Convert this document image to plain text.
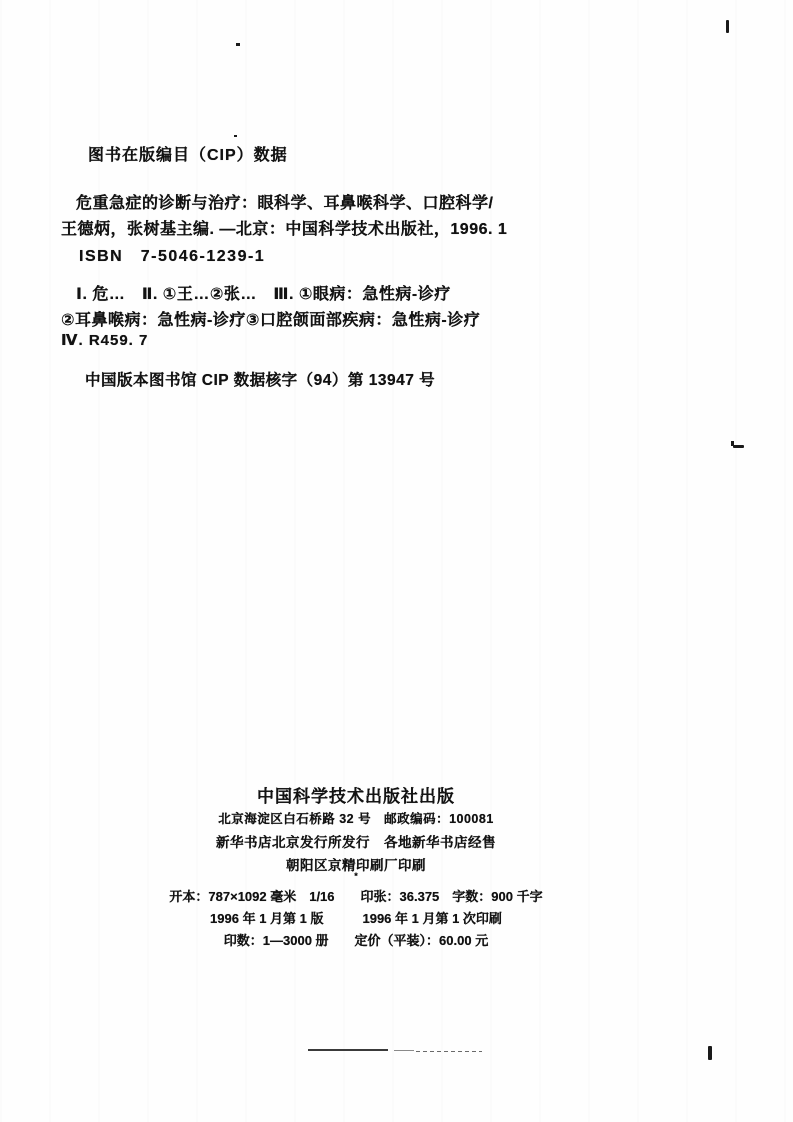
图书在版编目（CIP）数据
危重急症的诊断与治疗：眼科学、耳鼻喉科学、口腔科学/
王德炳，张树基主编. —北京：中国科学技术出版社，1996. 1
ISBN　7-5046-1239-1
Ⅰ. 危…　Ⅱ. ①王…②张…　Ⅲ. ①眼病：急性病-诊疗
②耳鼻喉病：急性病-诊疗③口腔颌面部疾病：急性病-诊疗
Ⅳ. R459. 7
中国版本图书馆 CIP 数据核字（94）第 13947 号
中国科学技术出版社出版
北京海淀区白石桥路 32 号　邮政编码：100081
新华书店北京发行所发行　各地新华书店经售
朝阳区京精印刷厂印刷
*
开本：787×1092 毫米　1/16　　印张：36.375　字数：900 千字
1996 年 1 月第 1 版　　　1996 年 1 月第 1 次印刷
印数：1—3000 册　　定价（平装）：60.00 元
